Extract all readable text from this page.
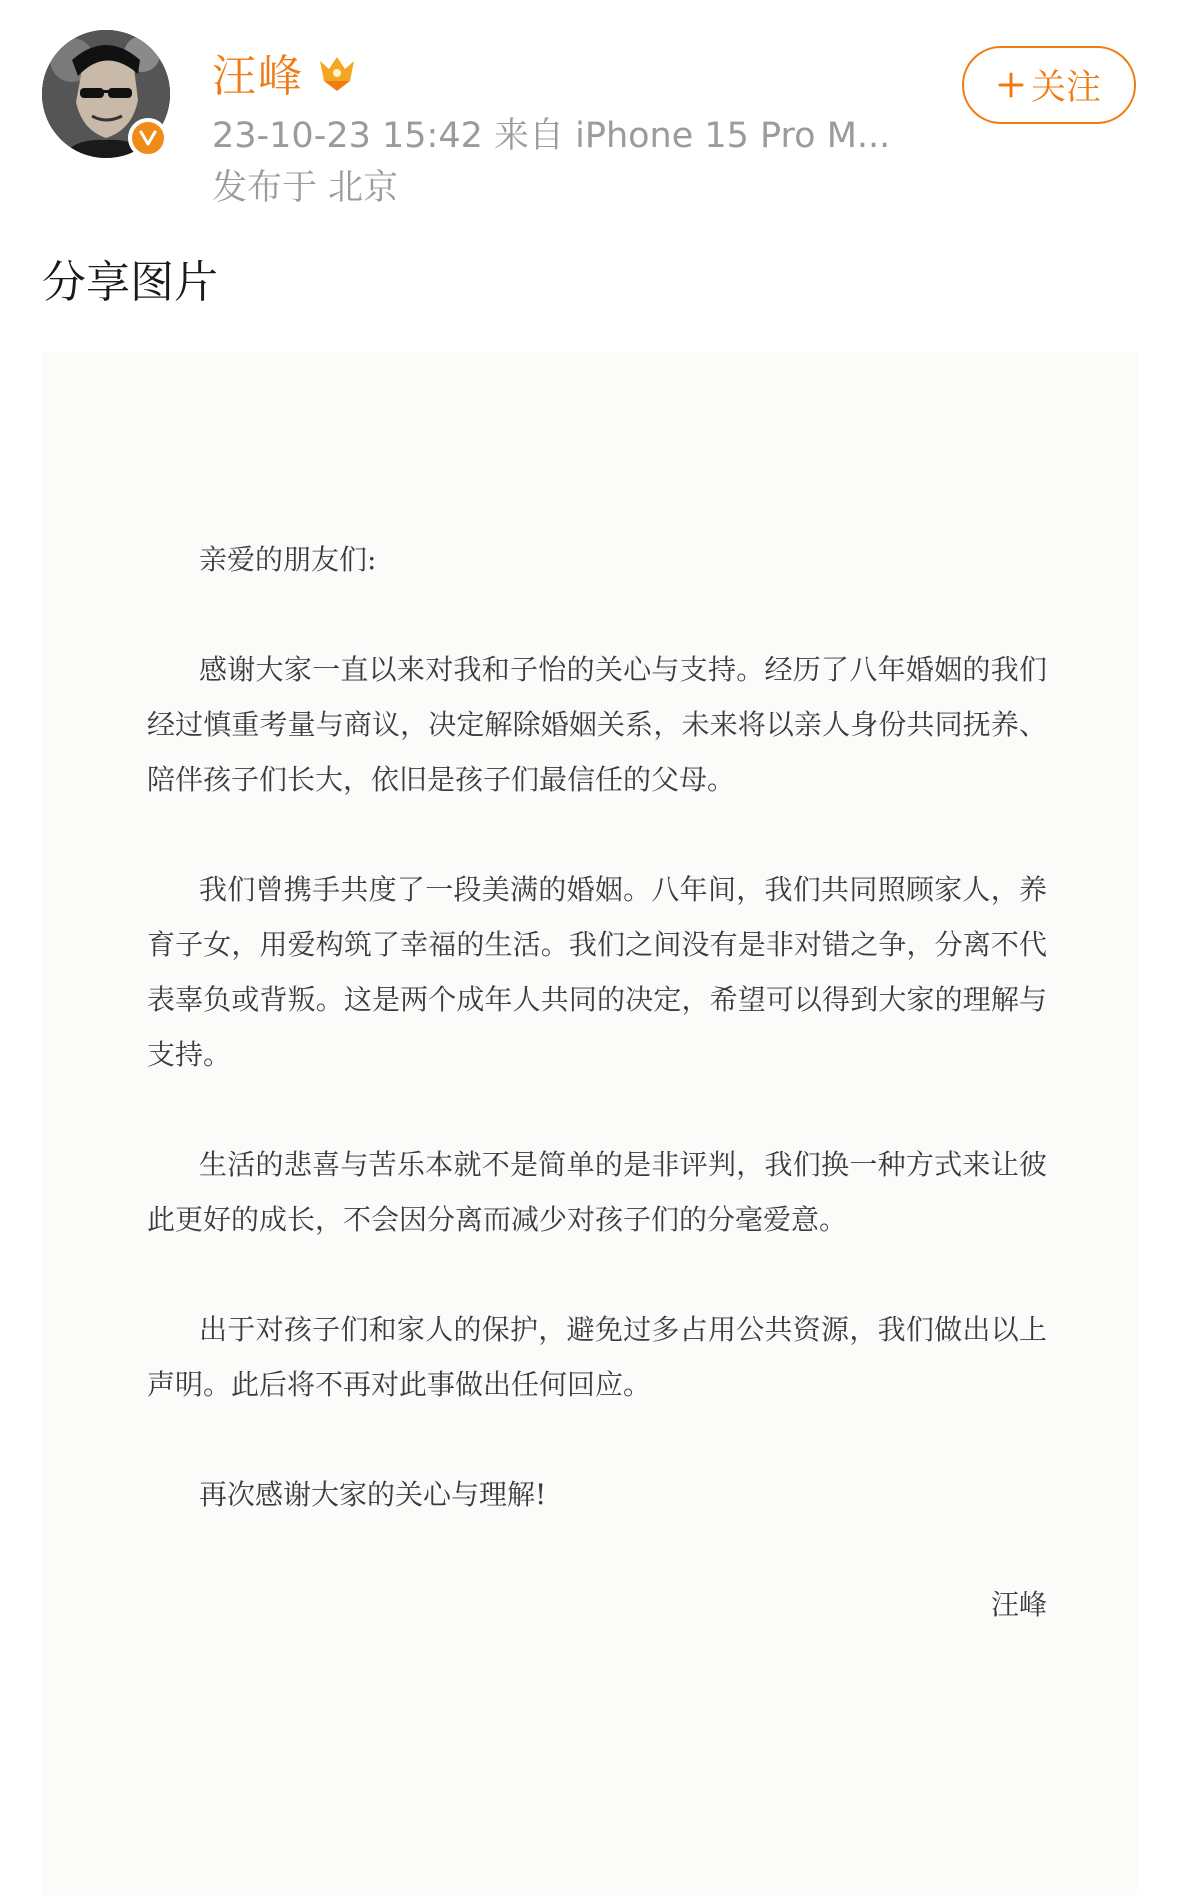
汪峰
23-10-23 15:42 来自 iPhone 15 Pro M...
发布于 北京
关注
分享图片

亲爱的朋友们:

感谢大家一直以来对我和子怡的关心与支持。经历了八年婚姻的我们经过慎重考量与商议，决定解除婚姻关系，未来将以亲人身份共同抚养、陪伴孩子们长大，依旧是孩子们最信任的父母。

我们曾携手共度了一段美满的婚姻。八年间，我们共同照顾家人，养育子女，用爱构筑了幸福的生活。我们之间没有是非对错之争，分离不代表辜负或背叛。这是两个成年人共同的决定，希望可以得到大家的理解与支持。

生活的悲喜与苦乐本就不是简单的是非评判，我们换一种方式来让彼此更好的成长，不会因分离而减少对孩子们的分毫爱意。

出于对孩子们和家人的保护，避免过多占用公共资源，我们做出以上声明。此后将不再对此事做出任何回应。

再次感谢大家的关心与理解!

汪峰
